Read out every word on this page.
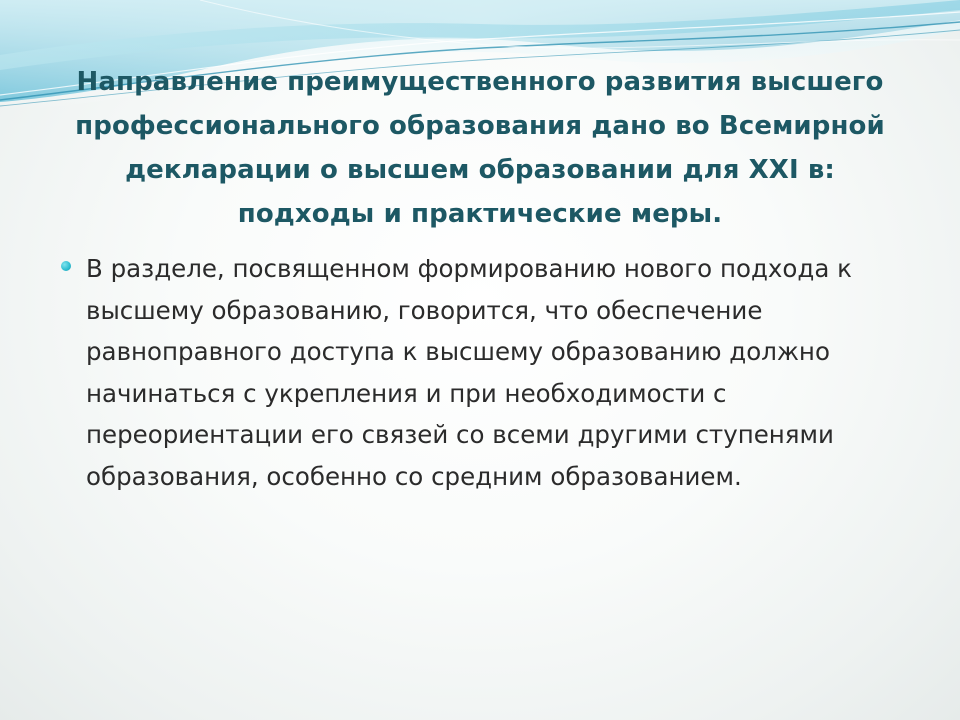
Направление преимущественного развития высшего профессионального образования дано во Всемирной декларации о высшем образовании для XXI в: подходы и практические меры.
В разделе, посвященном формированию нового подхода к высшему образованию, говорится, что обеспечение равноправного доступа к высшему образованию должно начинаться с укрепления и при необходимости с переориентации его связей со всеми другими ступенями образования, особенно со средним образованием.
